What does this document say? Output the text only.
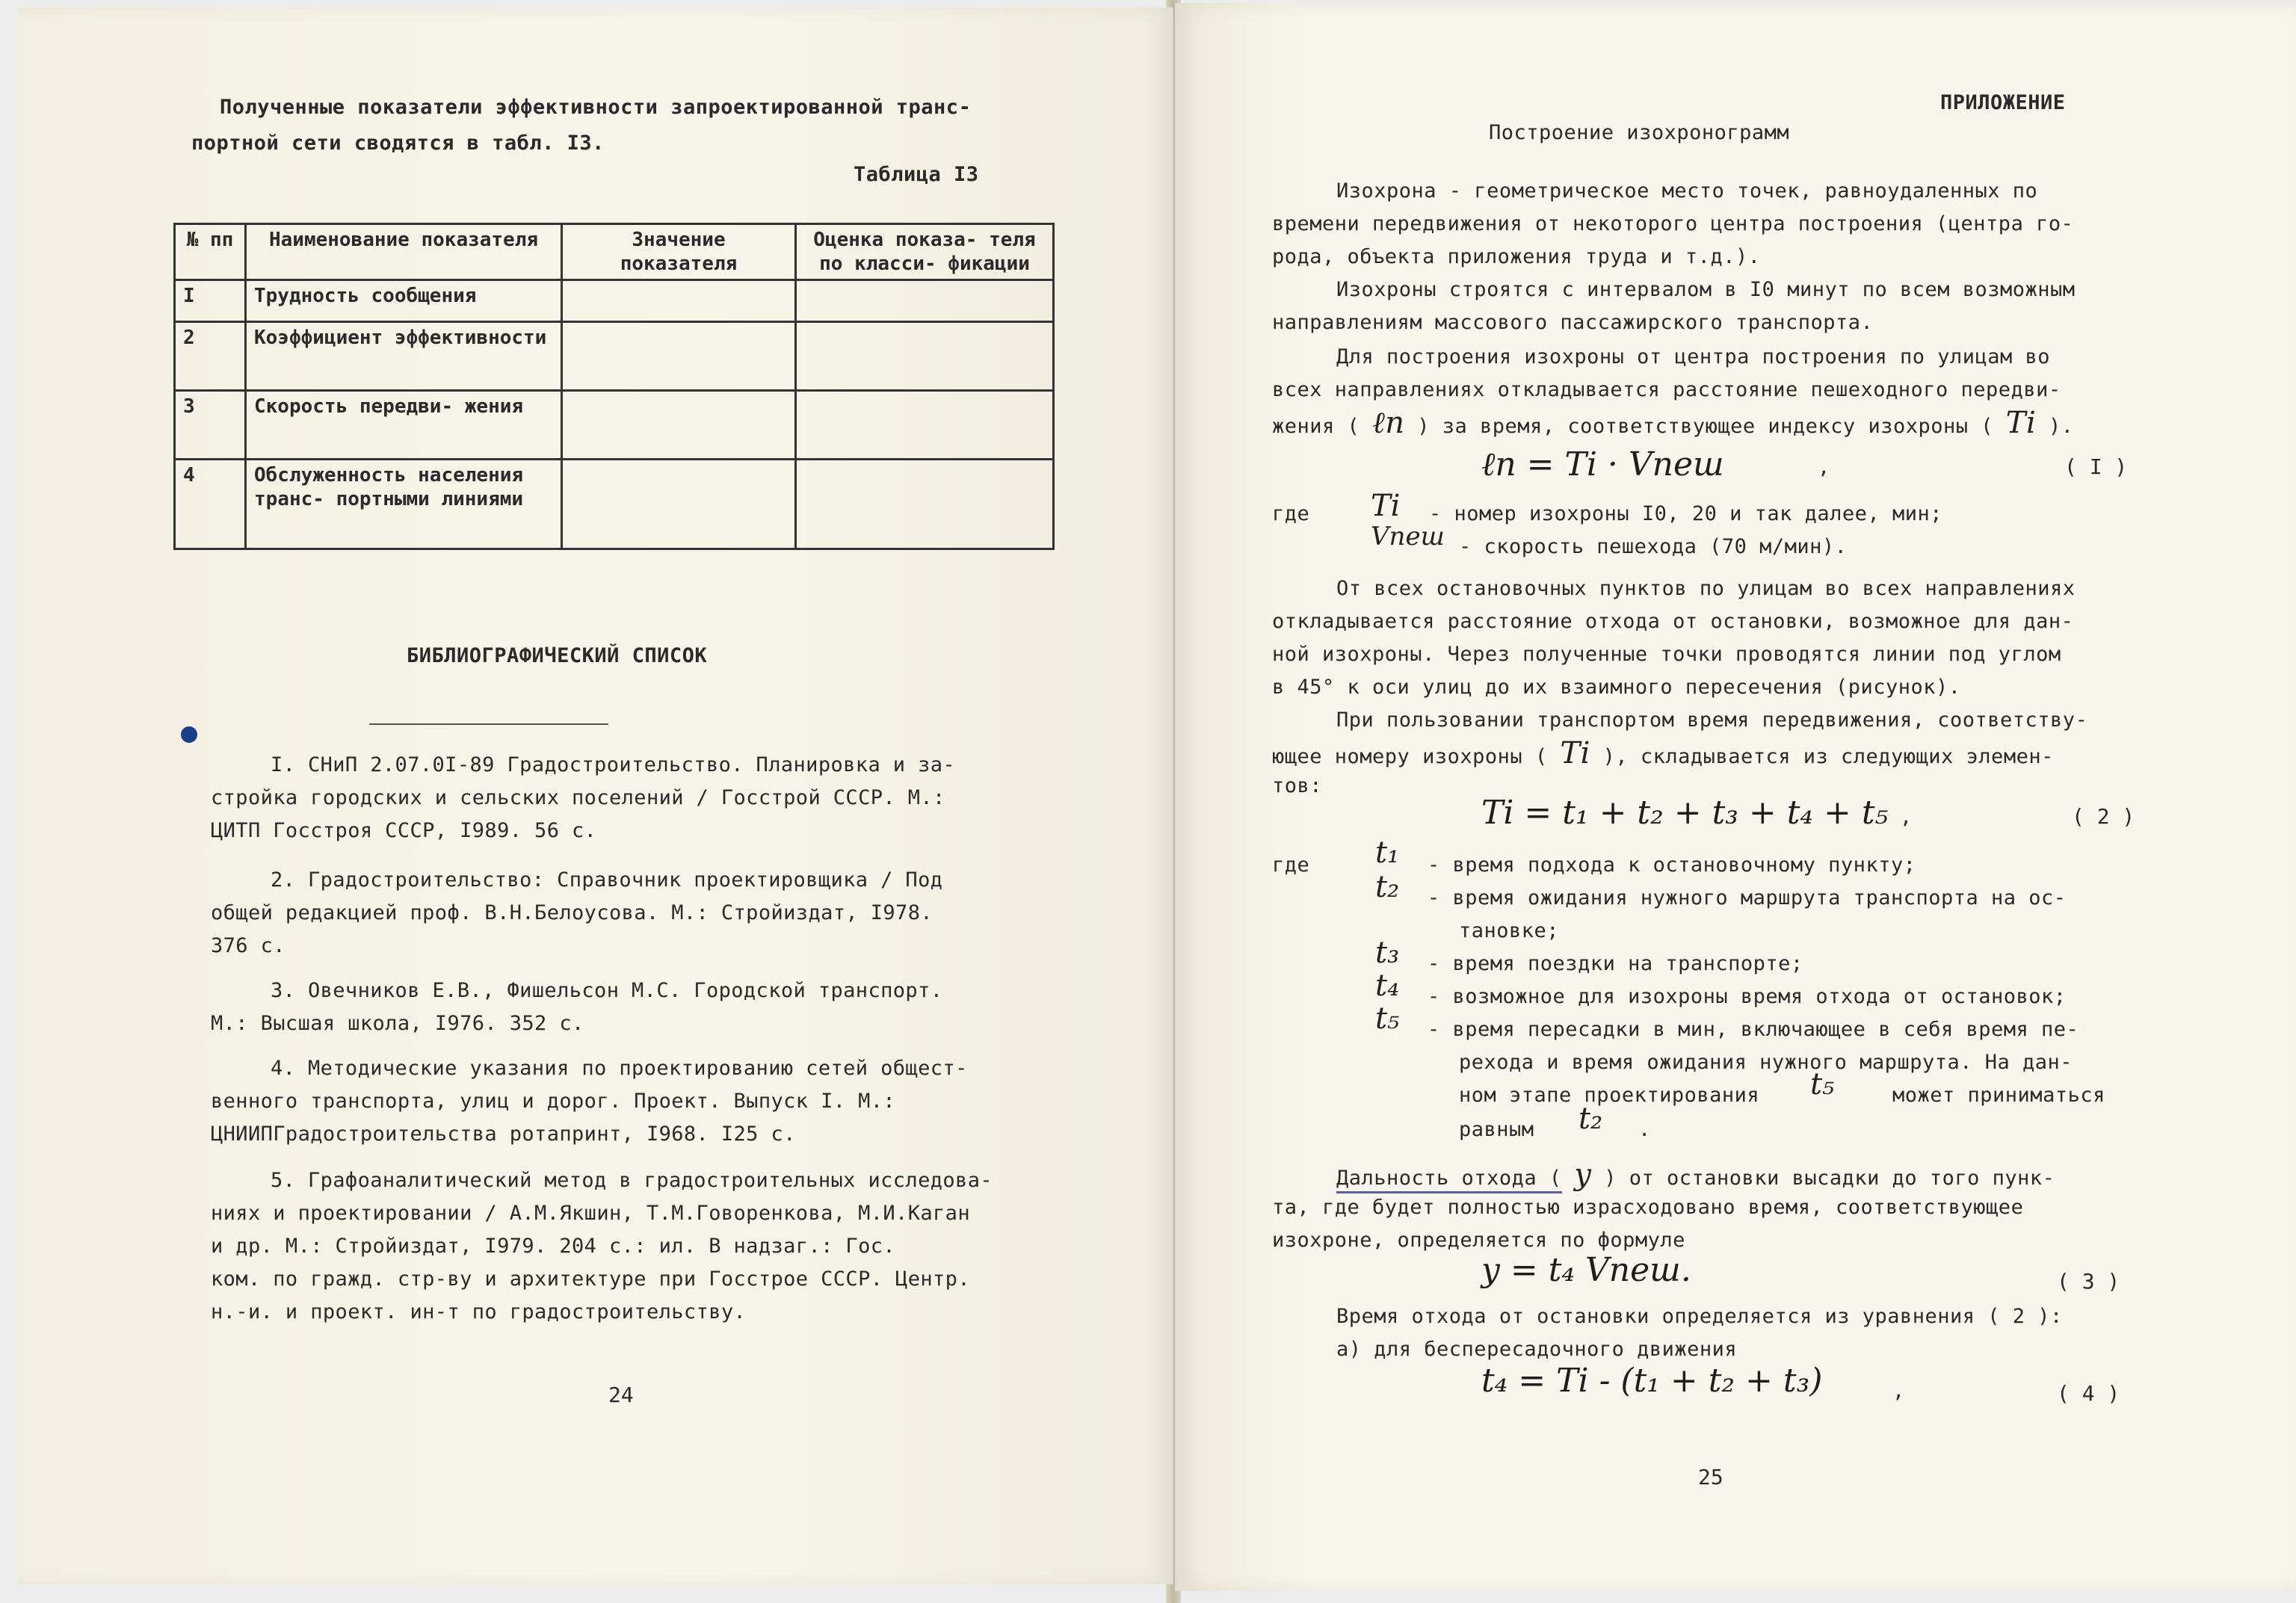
Полученные показатели эффективности запроектированной транс-
портной сети сводятся в табл. I3.
Таблица I3
№ пп	Наименование показателя	Значение показателя	Оценка показа- теля по класси- фикации
I	Трудность сообщения		
2	Коэффициент эффективности		
3	Скорость передви- жения		
4	Обслуженность населения транс- портными линиями		
БИБЛИОГРАФИЧЕСКИЙ СПИСОК
I. СНиП 2.07.0I-89 Градостроительство. Планировка и за-
стройка городских и сельских поселений / Госстрой СССР. М.:
ЦИТП Госстроя СССР, I989. 56 с.
2. Градостроительство: Справочник проектировщика / Под
общей редакцией проф. В.Н.Белоусова. М.: Стройиздат, I978.
376 с.
3. Овечников Е.В., Фишельсон М.С. Городской транспорт.
М.: Высшая школа, I976. 352 с.
4. Методические указания по проектированию сетей общест-
венного транспорта, улиц и дорог. Проект. Выпуск I. М.:
ЦНИИПГрадостроительства ротапринт, I968. I25 с.
5. Графоаналитический метод в градостроительных исследова-
ниях и проектировании / А.М.Якшин, Т.М.Говоренкова, М.И.Каган
и др. М.: Стройиздат, I979. 204 с.: ил. В надзаг.: Гос.
ком. по гражд. стр-ву и архитектуре при Госстрое СССР. Центр.
н.-и. и проект. ин-т по градостроительству.
24
ПРИЛОЖЕНИЕ
Построение изохронограмм
Изохрона - геометрическое место точек, равноудаленных по
времени передвижения от некоторого центра построения (центра го-
рода, объекта приложения труда и т.д.).
Изохроны строятся с интервалом в I0 минут по всем возможным
направлениям массового пассажирского транспорта.
Для построения изохроны от центра построения по улицам во
всех направлениях откладывается расстояние пешеходного передви-
жения ( ℓп ) за время, соответствующее индексу изохроны ( Ti ).
ℓп = Ti · Vпеш	,	( I )
где Ti - номер изохроны I0, 20 и так далее, мин;
Vпеш - скорость пешехода (70 м/мин).
От всех остановочных пунктов по улицам во всех направлениях
откладывается расстояние отхода от остановки, возможное для дан-
ной изохроны. Через полученные точки проводятся линии под углом
в 45° к оси улиц до их взаимного пересечения (рисунок).
При пользовании транспортом время передвижения, соответству-
ющее номеру изохроны ( Ti ), складывается из следующих элемен-
тов:
Ti = t₁ + t₂ + t₃ + t₄ + t₅ ,	( 2 )
где t₁ - время подхода к остановочному пункту;
t₂ - время ожидания нужного маршрута транспорта на ос-
тановке;
t₃ - время поездки на транспорте;
t₄ - возможное для изохроны время отхода от остановок;
t₅ - время пересадки в мин, включающее в себя время пе-
рехода и время ожидания нужного маршрута. На дан-
ном этапе проектирования t₅	может приниматься
равным t₂ .
Дальность отхода ( y ) от остановки высадки до того пунк-
та, где будет полностью израсходовано время, соответствующее
изохроне, определяется по формуле
y = t₄ Vпеш.	( 3 )
Время отхода от остановки определяется из уравнения ( 2 ):
а) для беспересадочного движения
t₄ = Ti - (t₁ + t₂ + t₃)	,	( 4 )
25
